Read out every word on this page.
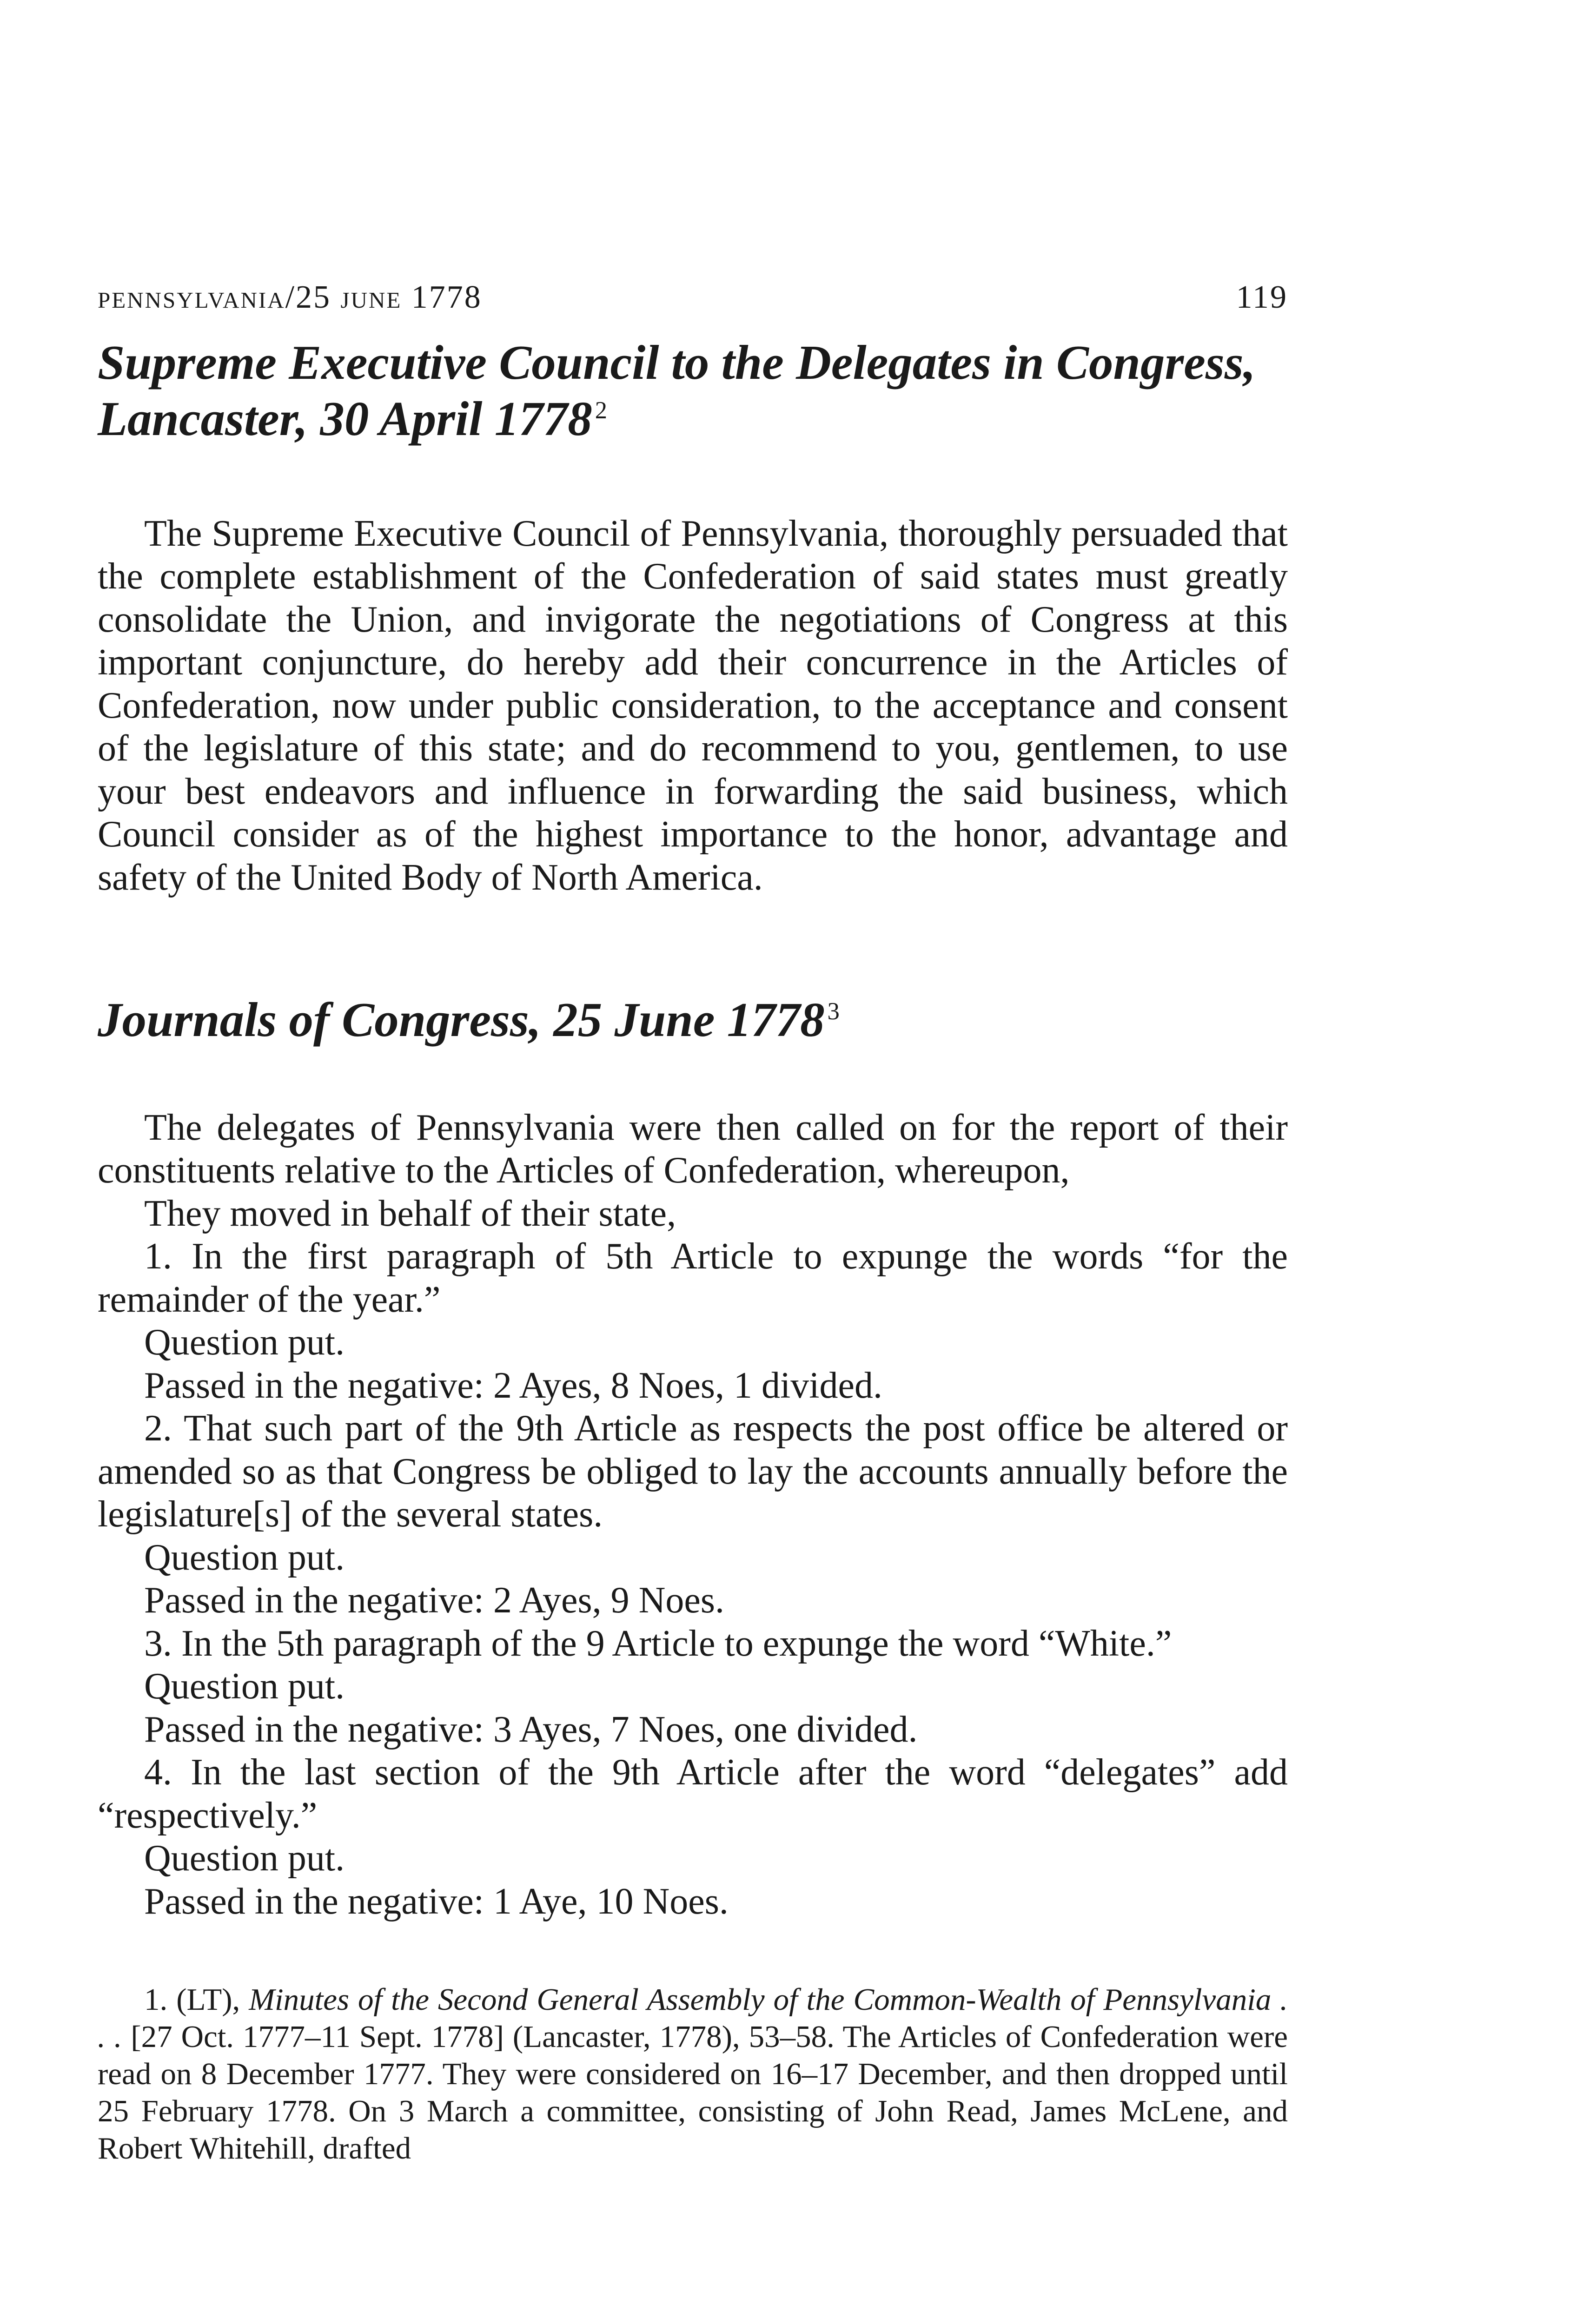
pennsylvania/25 june 1778	119
Supreme Executive Council to the Delegates in Congress,
Lancaster, 30 April 1778 $^2$

The Supreme Executive Council of Pennsylvania, thoroughly persuaded that the complete establishment of the Confederation of said states must greatly consolidate the Union, and invigorate the negotiations of Congress at this important conjuncture, do hereby add their concurrence in the Articles of Confederation, now under public consideration, to the acceptance and consent of the legislature of this state; and do recommend to you, gentlemen, to use your best endeavors and influence in forwarding the said business, which Council consider as of the highest importance to the honor, advantage and safety of the United Body of North America.

Journals of Congress, 25 June 1778 $^3$

The delegates of Pennsylvania were then called on for the report of their constituents relative to the Articles of Confederation, whereupon,

They moved in behalf of their state,

1. In the first paragraph of 5th Article to expunge the words “for the remainder of the year.”

Question put.

Passed in the negative: 2 Ayes, 8 Noes, 1 divided.

2. That such part of the 9th Article as respects the post office be altered or amended so as that Congress be obliged to lay the accounts annually before the legislature[s] of the several states.

Question put.

Passed in the negative: 2 Ayes, 9 Noes.

3. In the 5th paragraph of the 9 Article to expunge the word “White.”

Question put.

Passed in the negative: 3 Ayes, 7 Noes, one divided.

4. In the last section of the 9th Article after the word “delegates” add “respectively.”

Question put.

Passed in the negative: 1 Aye, 10 Noes.

1. (LT), Minutes of the Second General Assembly of the Common-Wealth of Pennsylvania . . . [27 Oct. 1777–11 Sept. 1778] (Lancaster, 1778), 53–58. The Articles of Confederation were read on 8 December 1777. They were considered on 16–17 December, and then dropped until 25 February 1778. On 3 March a committee, consisting of John Read, James McLene, and Robert Whitehill, drafted
